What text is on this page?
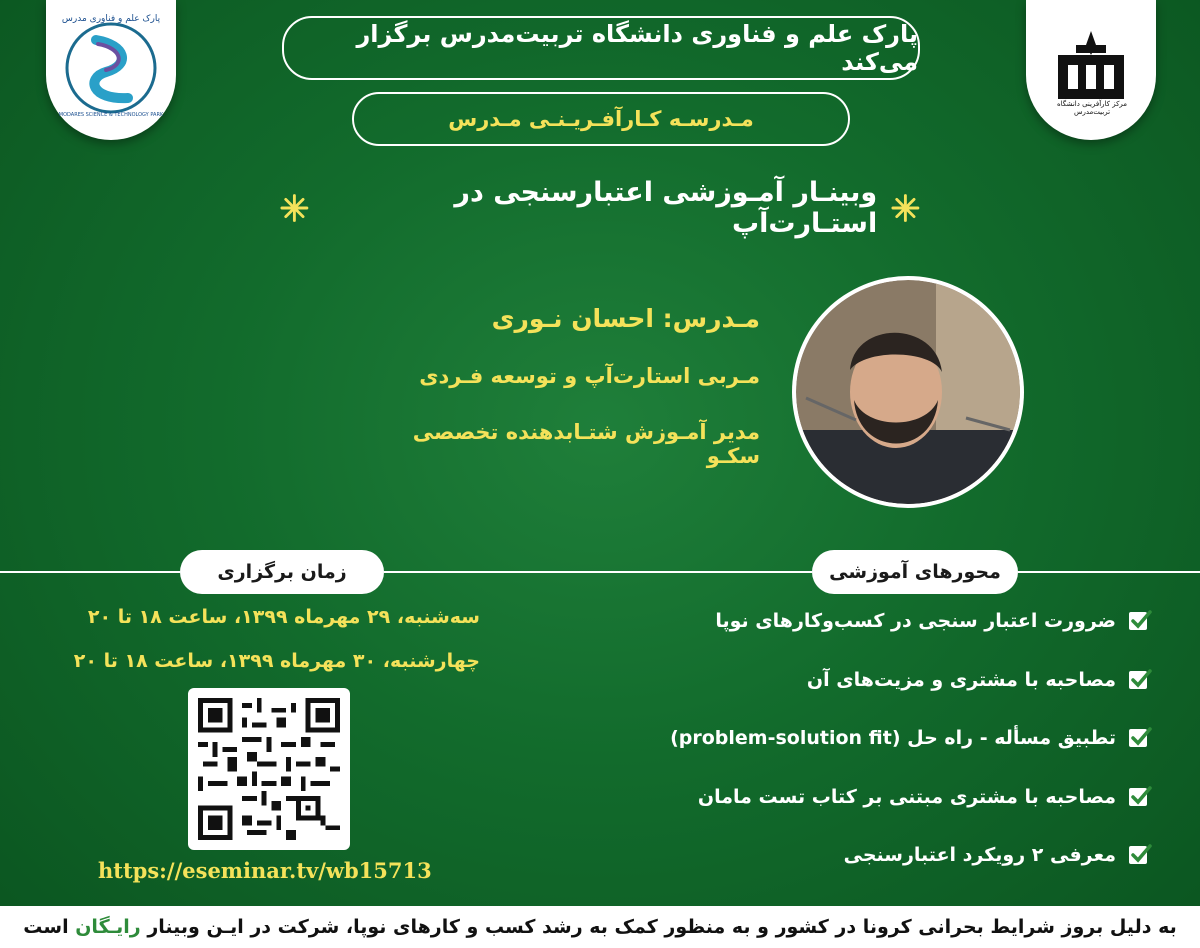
پارک علم و فناوری مدرس
MODARES SCIENCE & TECHNOLOGY PARK
مرکز کارآفرینی دانشگاه تربیت‌مدرس
پارک علم و فناوری دانشگاه تربیت‌مدرس برگزار می‌کند
مـدرسـه کـارآفـریـنـی مـدرس
وبینـار آمـوزشی اعتبارسنجی در استـارت‌آپ
مـدرس: احسان نـوری
مـربی استارت‌آپ و توسعه فـردی
مدیر آمـوزش شتـابدهنده تخصصی سکـو
زمان برگزاری	محورهای آموزشی
سه‌شنبه، ۲۹ مهرماه ۱۳۹۹، ساعت ۱۸ تا ۲۰
چهارشنبه، ۳۰ مهرماه ۱۳۹۹، ساعت ۱۸ تا ۲۰
https://eseminar.tv/wb15713
ضرورت اعتبار سنجی در کسب‌وکارهای نوپا
مصاحبه با مشتری و مزیت‌های آن
تطبیق مسأله - راه حل (problem-solution fit)
مصاحبه با مشتری مبتنی بر کتاب تست مامان
معرفی ۲ رویکرد اعتبارسنجی
به دلیل بروز شرایط بحرانی کرونا در کشور و به منظور کمک به رشد کسب و کارهای نوپا، شرکت در ایـن وبینار

رایـگان

است
